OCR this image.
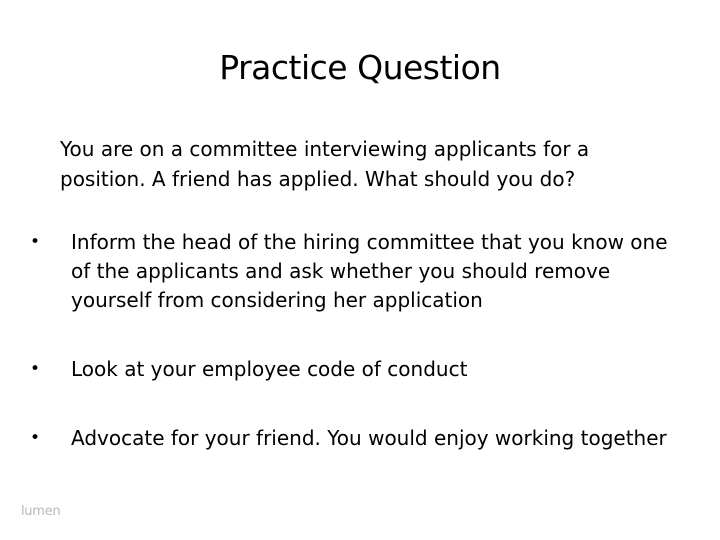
Practice Question
You are on a committee interviewing applicants for a position. A friend has applied. What should you do?
• Inform the head of the hiring committee that you know one of the applicants and ask whether you should remove yourself from considering her application
• Look at your employee code of conduct
• Advocate for your friend. You would enjoy working together
lumen
